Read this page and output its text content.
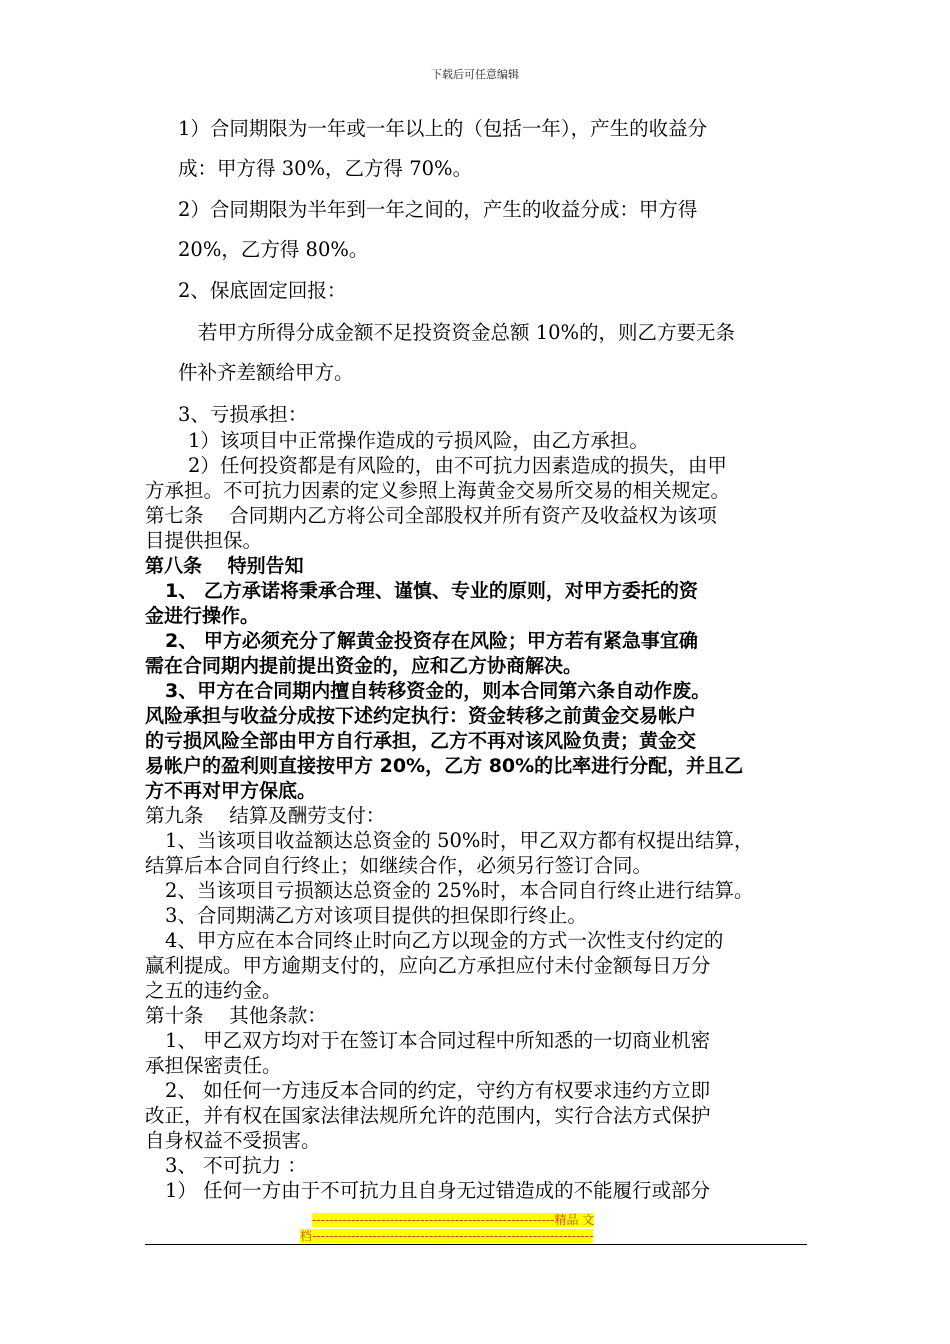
下载后可任意编辑
1）合同期限为一年或一年以上的（包括一年），产生的收益分
成：甲方得 30%，乙方得 70%。
2）合同期限为半年到一年之间的，产生的收益分成：甲方得
20%，乙方得 80%。
2、保底固定回报：
若甲方所得分成金额不足投资资金总额 10%的，则乙方要无条
件补齐差额给甲方。
3、亏损承担：
1）该项目中正常操作造成的亏损风险，由乙方承担。
2）任何投资都是有风险的，由不可抗力因素造成的损失，由甲
方承担。不可抗力因素的定义参照上海黄金交易所交易的相关规定。
第七条　 合同期内乙方将公司全部股权并所有资产及收益权为该项
目提供担保。
第八条　 特别告知
1、 乙方承诺将秉承合理、谨慎、专业的原则，对甲方委托的资
金进行操作。
2、 甲方必须充分了解黄金投资存在风险；甲方若有紧急事宜确
需在合同期内提前提出资金的，应和乙方协商解决。
3、甲方在合同期内擅自转移资金的，则本合同第六条自动作废。
风险承担与收益分成按下述约定执行：资金转移之前黄金交易帐户
的亏损风险全部由甲方自行承担，乙方不再对该风险负责；黄金交
易帐户的盈利则直接按甲方 20%，乙方 80%的比率进行分配，并且乙
方不再对甲方保底。
第九条　 结算及酬劳支付：
1、当该项目收益额达总资金的 50%时，甲乙双方都有权提出结算，
结算后本合同自行终止；如继续合作，必须另行签订合同。
2、当该项目亏损额达总资金的 25%时，本合同自行终止进行结算。
3、合同期满乙方对该项目提供的担保即行终止。
4、甲方应在本合同终止时向乙方以现金的方式一次性支付约定的
赢利提成。甲方逾期支付的，应向乙方承担应付未付金额每日万分
之五的违约金。
第十条　 其他条款：
1、 甲乙双方均对于在签订本合同过程中所知悉的一切商业机密
承担保密责任。
2、 如任何一方违反本合同的约定，守约方有权要求违约方立即
改正，并有权在国家法律法规所允许的范围内，实行合法方式保护
自身权益不受损害。
3、 不可抗力 ：
1） 任何一方由于不可抗力且自身无过错造成的不能履行或部分
--------------------------------------------------------精品 文
档-----------------------------------------------------------------
